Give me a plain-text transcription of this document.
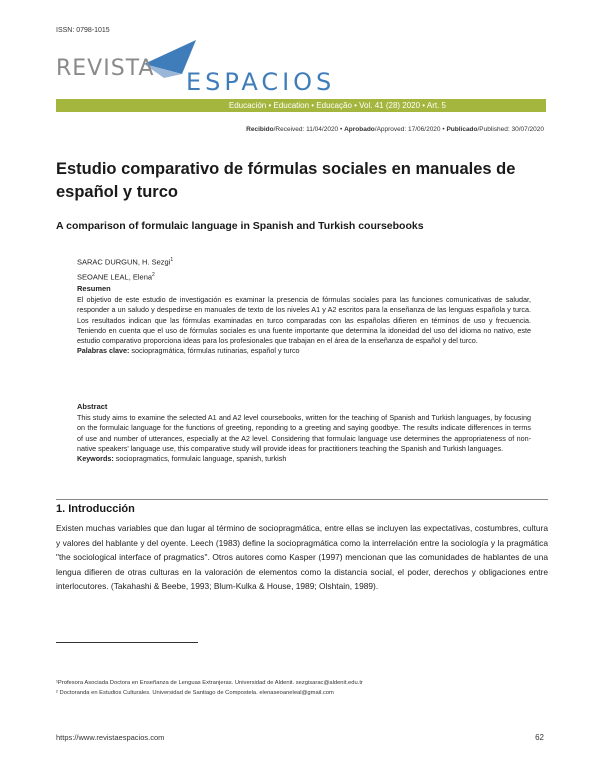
ISSN: 0798-1015
REVISTA ESPACIOS
Educación • Education • Educação • Vol. 41 (28) 2020 • Art. 5
Recibido/Received: 11/04/2020 • Aprobado/Approved: 17/06/2020 • Publicado/Published: 30/07/2020
Estudio comparativo de fórmulas sociales en manuales de español y turco
A comparison of formulaic language in Spanish and Turkish coursebooks
SARAC DURGUN, H. Sezgi$^1$
SEOANE LEAL, Elena$^2$
Resumen

El objetivo de este estudio de investigación es examinar la presencia de fórmulas sociales para las funciones comunicativas de saludar, responder a un saludo y despedirse en manuales de texto de los niveles A1 y A2 escritos para la enseñanza de las lenguas española y turca. Los resultados indican que las fórmulas examinadas en turco comparadas con las españolas difieren en términos de uso y frecuencia. Teniendo en cuenta que el uso de fórmulas sociales es una fuente importante que determina la idoneidad del uso del idioma no nativo, este estudio comparativo proporciona ideas para los profesionales que trabajan en el área de la enseñanza de español y del turco.

Palabras clave: sociopragmática, fórmulas rutinarias, español y turco

Abstract

This study aims to examine the selected A1 and A2 level coursebooks, written for the teaching of Spanish and Turkish languages, by focusing on the formulaic language for the functions of greeting, reponding to a greeting and saying goodbye. The results indicate differences in terms of use and number of utterances, especially at the A2 level. Considering that formulaic language use determines the appropriateness of non-native speakers' language use, this comparative study will provide ideas for practitioners teaching the Spanish and Turkish languages.

Keywords: sociopragmatics, formulaic language, spanish, turkish

1. Introducción

Existen muchas variables que dan lugar al término de sociopragmática, entre ellas se incluyen las expectativas, costumbres, cultura y valores del hablante y del oyente. Leech (1983) define la sociopragmática como la interrelación entre la sociología y la pragmática "the sociological interface of pragmatics". Otros autores como Kasper (1997) mencionan que las comunidades de hablantes de una lengua difieren de otras culturas en la valoración de elementos como la distancia social, el poder, derechos y obligaciones entre interlocutores. (Takahashi & Beebe, 1993; Blum-Kulka & House, 1989; Olshtain, 1989).

¹Profesora Asociada Doctora en Enseñanza de Lenguas Extranjeras. Universidad de Aldenit. sezgisarac@aldenit.edu.tr

² Doctoranda en Estudios Culturales. Universidad de Santiago de Compostela. elenaseoaneleal@gmail.com

https://www.revistaespacios.com	62
